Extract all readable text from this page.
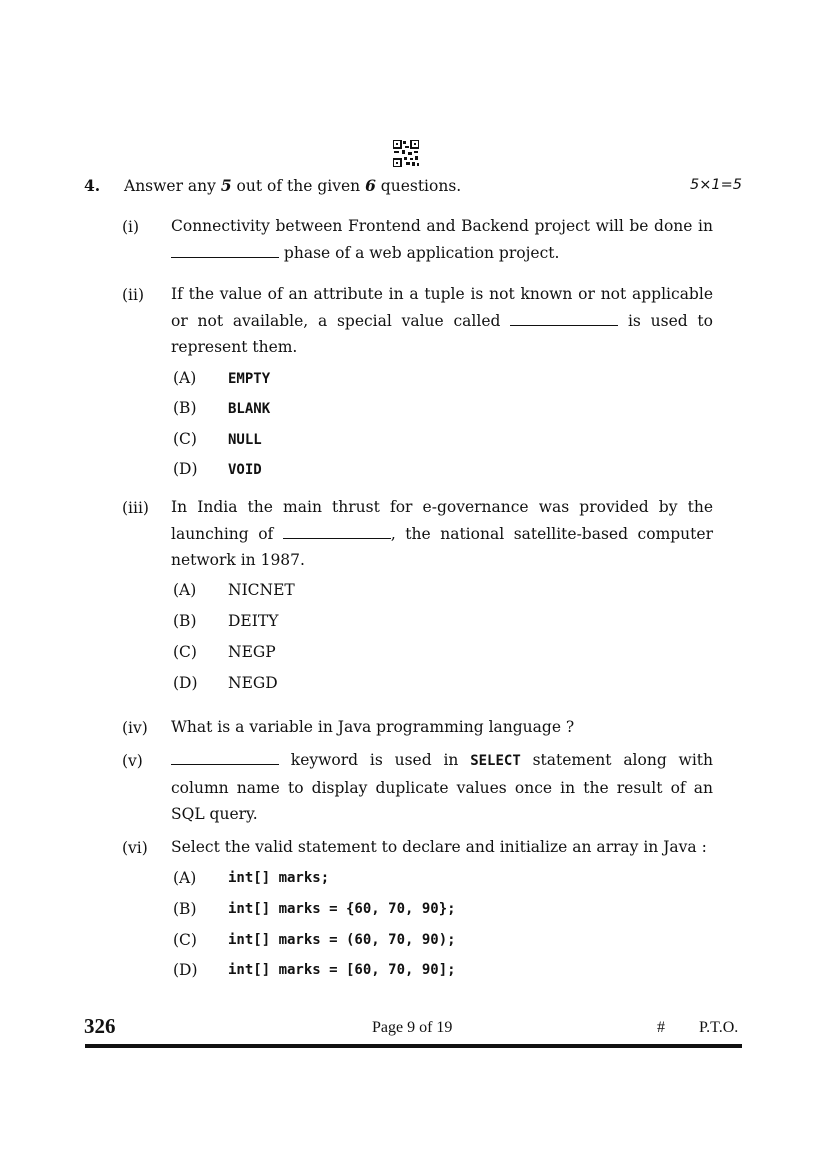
4. Answer any 5 out of the given 6 questions.	5×1=5
(i) Connectivity between Frontend and Backend project will be done in  phase of a web application project.
(ii) If the value of an attribute in a tuple is not known or not applicable or not available, a special value called	is used to represent them.
(A) EMPTY
(B) BLANK
(C) NULL
(D) VOID
(iii) In India the main thrust for e-governance was provided by the launching of	, the national satellite-based computer network in 1987.
(A) NICNET
(B) DEITY
(C) NEGP
(D) NEGD
(iv) What is a variable in Java programming language ?
(v)	keyword is used in SELECT statement along with column name to display duplicate values once in the result of an SQL query.
(vi) Select the valid statement to declare and initialize an array in Java :
(A) int[] marks;
(B) int[] marks = {60, 70, 90};
(C) int[] marks = (60, 70, 90);
(D) int[] marks = [60, 70, 90];
326	Page 9 of 19	# P.T.O.
